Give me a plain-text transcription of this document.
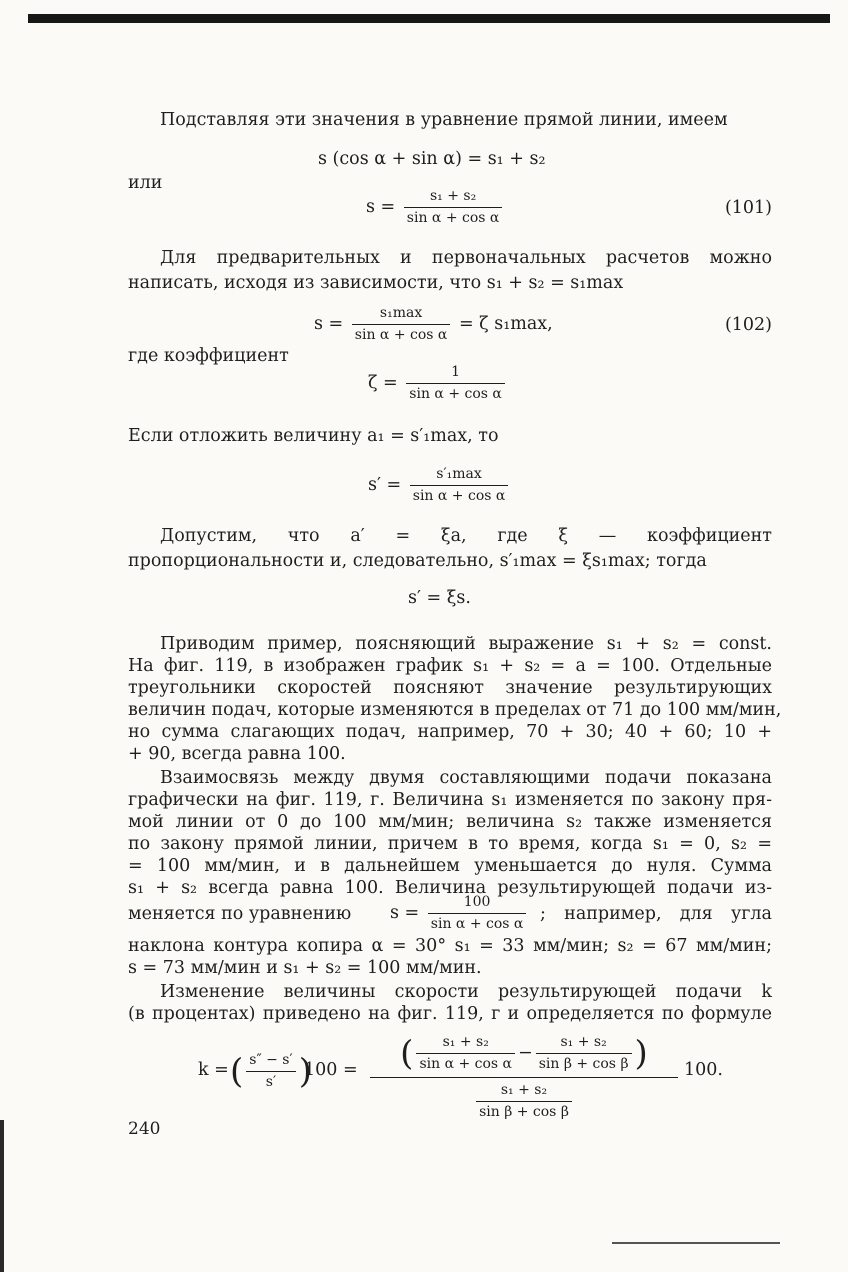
Подставляя эти значения в уравнение прямой линии, имеем

s (cos α + sin α) = s₁ + s₂
или
$s = \frac{\text{s₁ + s₂}}{\text{sin α + cos α}}$	(101)

Для предварительных и первоначальных расчетов можно написать, исходя из зависимости, что s₁ + s₂ = s₁max

$s = \frac{\text{s₁max}}{\text{sin α + cos α}} = \zeta$ s₁max,	(102)
где коэффициент
$\zeta = \frac{1}{\text{sin α + cos α}}$
Если отложить величину a₁ = s′₁max, то
$s' = \frac{\text{s′₁max}}{\text{sin α + cos α}}$

Допустим, что a′ = ξa, где ξ — коэффициент пропорциональности и, следовательно, s′₁max = ξs₁max; тогда

s′ = ξs.
Приводим пример, поясняющий выражение s₁ + s₂ = const.
На фиг. 119, в изображен график s₁ + s₂ = a = 100. Отдельные
треугольники скоростей поясняют значение результирующих
величин подач, которые изменяются в пределах от 71 до 100 мм/мин,
но сумма слагающих подач, например, 70 + 30; 40 + 60; 10 +
+ 90, всегда равна 100.
Взаимосвязь между двумя составляющими подачи показана
графически на фиг. 119, г. Величина s₁ изменяется по закону пря-
мой линии от 0 до 100 мм/мин; величина s₂ также изменяется
по закону прямой линии, причем в то время, когда s₁ = 0, s₂ =
= 100 мм/мин, и в дальнейшем уменьшается до нуля. Сумма
s₁ + s₂ всегда равна 100. Величина результирующей подачи из-
меняется по уравнению $s = \frac{100}{\text{sin α + cos α}}$ ; например, для угла
наклона контура копира α = 30° s₁ = 33 мм/мин; s₂ = 67 мм/мин;
s = 73 мм/мин и s₁ + s₂ = 100 мм/мин.
Изменение величины скорости результирующей подачи k
(в процентах) приведено на фиг. 119, г и определяется по формуле
k = ( $\frac{s'' - s'}{s'}$ )
100 =	( $\frac{\text{s₁ + s₂}}{\text{sin α + cos α}} - \frac{\text{s₁ + s₂}}{\text{sin β + cos β}}$ )
$\frac{\text{s₁ + s₂}}{\text{sin β + cos β}}$
100.
240
